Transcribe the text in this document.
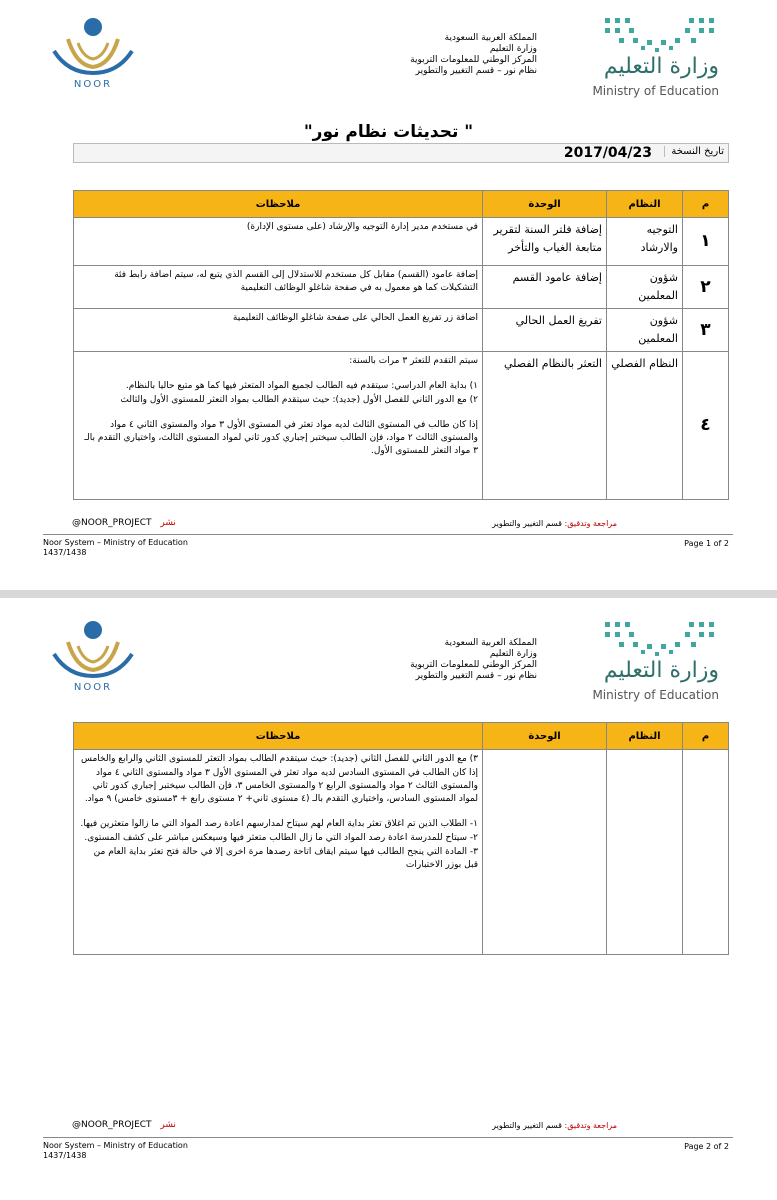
NOOR
المملكة العربية السعودية
وزارة التعليم
المركز الوطني للمعلومات التربوية
نظام نور – قسم التغيير والتطوير	وزارة التعليم
Ministry of Education
" تحديثات نظام نور"
تاريخ النسخة
2017/04/23
م	النظام	الوحدة	ملاحظات
١	التوجيه والارشاد	إضافة فلتر السنة لتقرير متابعة الغياب والتأخر	في مستخدم مدير إدارة التوجيه والإرشاد (على مستوى الإدارة)
٢	شؤون المعلمين	إضافة عامود القسم	إضافة عامود (القسم) مقابل كل مستخدم للاستدلال إلى القسم الذي يتبع له، سيتم اضافة رابط فئة التشكيلات كما هو معمول به في صفحة شاغلو الوظائف التعليمية
٣	شؤون المعلمين	تفريغ العمل الحالي	اضافة زر تفريغ العمل الحالي على صفحة شاغلو الوظائف التعليمية
٤	النظام الفصلي	التعثر بالنظام الفصلي	سيتم التقدم للتعثر ٣ مرات بالسنة:
١) بداية العام الدراسي: سيتقدم فيه الطالب لجميع المواد المتعثر فيها كما هو متبع حاليا بالنظام.
٢) مع الدور الثاني للفصل الأول (جديد): حيث سيتقدم الطالب بمواد التعثر للمستوى الأول والثالث
إذا كان طالب في المستوى الثالث لديه مواد تعثر في المستوى الأول ٣ مواد والمستوى الثاني ٤ مواد والمستوى الثالث ٢ مواد، فإن الطالب سيختبر إجباري كدور ثاني لمواد المستوى الثالث، واختياري التقدم بالـ ٣ مواد التعثر للمستوى الأول.
@NOOR_PROJECT نشر	مراجعة وتدقيق: قسم التغيير والتطوير
Noor System – Ministry of Education
1437/1438
Page 1 of 2
NOOR
المملكة العربية السعودية
وزارة التعليم
المركز الوطني للمعلومات التربوية
نظام نور – قسم التغيير والتطوير	وزارة التعليم
Ministry of Education
م	النظام	الوحدة	ملاحظات

			٣) مع الدور الثاني للفصل الثاني (جديد): حيث سيتقدم الطالب بمواد التعثر للمستوى الثاني والرابع والخامس
إذا كان الطالب في المستوى السادس لديه مواد تعثر في المستوى الأول ٣ مواد والمستوى الثاني ٤ مواد والمستوى الثالث ٢ مواد والمستوى الرابع ٢ والمستوى الخامس ٣، فإن الطالب سيختبر إجباري كدور ثاني لمواد المستوى السادس، واختياري التقدم بالـ (٤ مستوى ثاني+ ٢ مستوى رابع + ٣مستوى خامس) ٩ مواد.
١- الطلاب الذين تم اغلاق تعثر بداية العام لهم سيتاح لمدارسهم اعادة رصد المواد التي ما زالوا متعثرين فيها.
٢- سيتاح للمدرسة اعادة رصد المواد التي ما زال الطالب متعثر فيها وسيعكس مباشر على كشف المستوى.
٣- المادة التي ينجح الطالب فيها سيتم ايقاف اتاحة رصدها مرة اخرى إلا في حالة فتح تعثر بداية العام من قبل بوزر الاختبارات
@NOOR_PROJECT نشر	مراجعة وتدقيق: قسم التغيير والتطوير
Noor System – Ministry of Education
1437/1438
Page 2 of 2
